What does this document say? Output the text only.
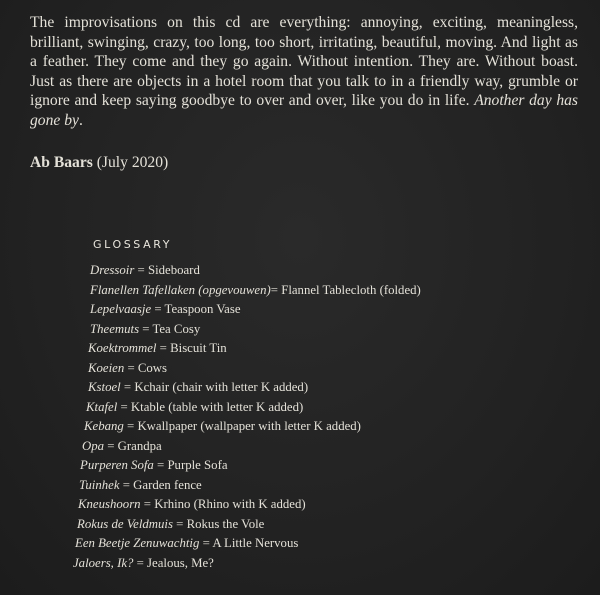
The improvisations on this cd are everything: annoying, exciting, meaningless, brilliant, swinging, crazy, too long, too short, irritating, beautiful, moving. And light as a feather. They come and they go again. Without intention. They are. Without boast. Just as there are objects in a hotel room that you talk to in a friendly way, grumble or ignore and keep saying goodbye to over and over, like you do in life. Another day has gone by.

Ab Baars (July 2020)

GLOSSARY
Dressoir = Sideboard
Flanellen Tafellaken (opgevouwen)= Flannel Tablecloth (folded)
Lepelvaasje = Teaspoon Vase
Theemuts = Tea Cosy
Koektrommel = Biscuit Tin
Koeien = Cows
Kstoel = Kchair (chair with letter K added)
Ktafel = Ktable (table with letter K added)
Kebang = Kwallpaper (wallpaper with letter K added)
Opa = Grandpa
Purperen Sofa = Purple Sofa
Tuinhek = Garden fence
Kneushoorn = Krhino (Rhino with K added)
Rokus de Veldmuis = Rokus the Vole
Een Beetje Zenuwachtig = A Little Nervous
Jaloers, Ik? = Jealous, Me?
